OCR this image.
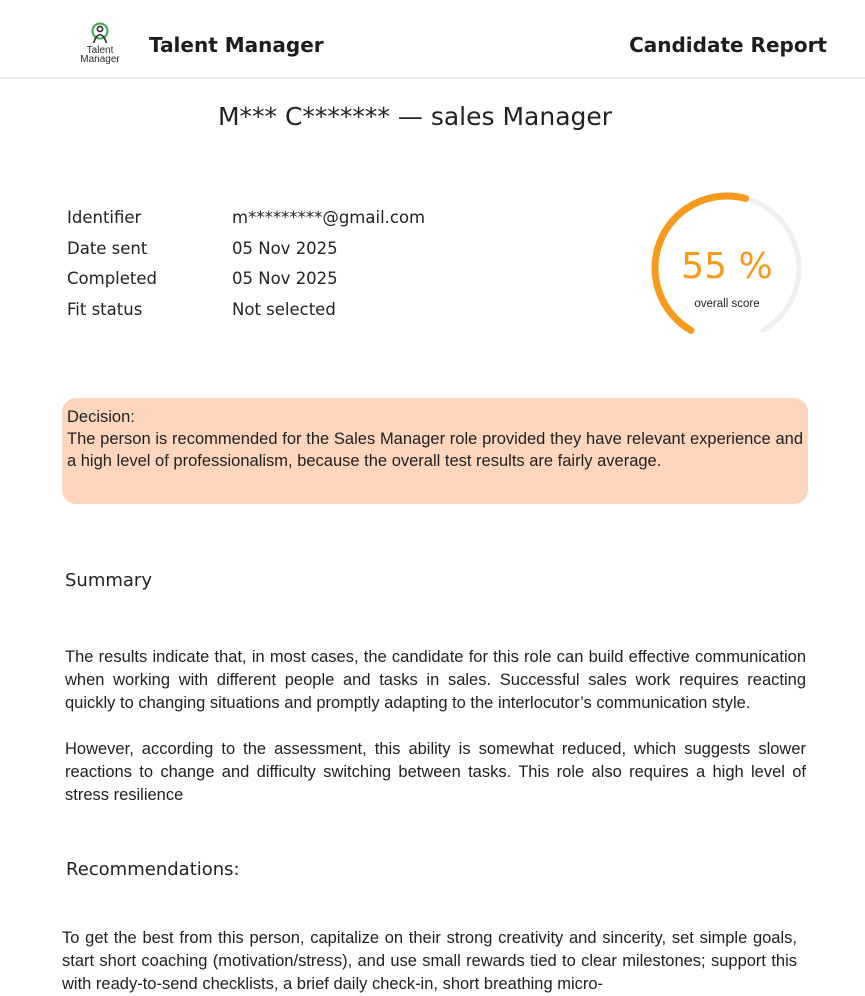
Talent
Manager
Talent Manager	Candidate Report
M*** C******* — sales Manager
Identifier	m*********@gmail.com
Date sent	05 Nov 2025
Completed	05 Nov 2025
Fit status	Not selected
55 %
overall score
Decision:
The person is recommended for the Sales Manager role provided they have relevant experience and a high level of professionalism, because the overall test results are fairly average.
Summary

The results indicate that, in most cases, the candidate for this role can build effective communication when working with different people and tasks in sales. Successful sales work requires reacting quickly to changing situations and promptly adapting to the interlocutor’s communication style.

However, according to the assessment, this ability is somewhat reduced, which suggests slower reactions to change and difficulty switching between tasks. This role also requires a high level of stress resilience

Recommendations:

To get the best from this person, capitalize on their strong creativity and sincerity, set simple goals, start short coaching (motivation/stress), and use small rewards tied to clear milestones; support this with ready-to-send checklists, a brief daily check-in, short breathing micro-
